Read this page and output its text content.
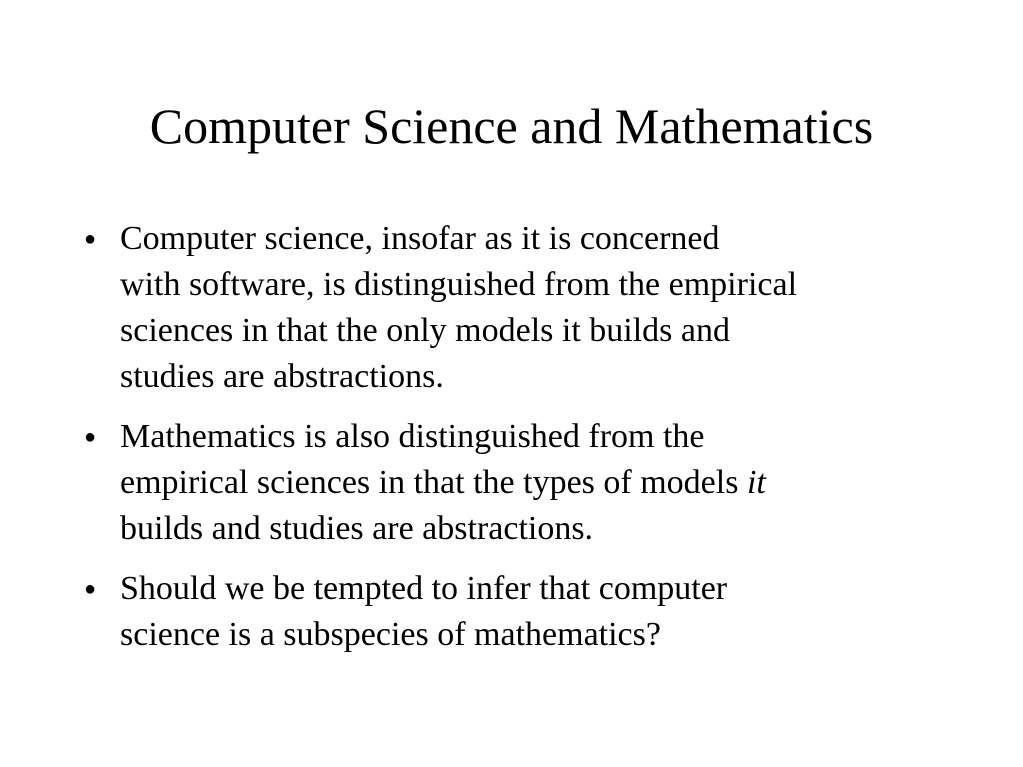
Computer Science and Mathematics
● Computer science, insofar as it is concerned
with software, is distinguished from the empirical
sciences in that the only models it builds and
studies are abstractions.
● Mathematics is also distinguished from the
empirical sciences in that the types of models it
builds and studies are abstractions.
● Should we be tempted to infer that computer
science is a subspecies of mathematics?
